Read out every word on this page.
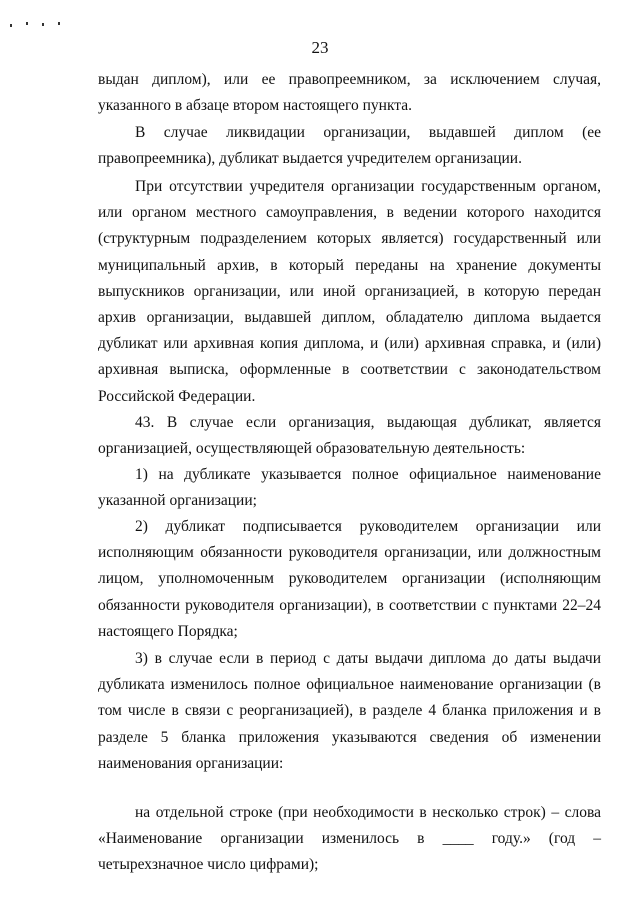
23

выдан диплом), или ее правопреемником, за исключением случая, указанного в абзаце втором настоящего пункта.

В случае ликвидации организации, выдавшей диплом (ее правопреемника), дубликат выдается учредителем организации.

При отсутствии учредителя организации государственным органом, или органом местного самоуправления, в ведении которого находится (структурным подразделением которых является) государственный или муниципальный архив, в который переданы на хранение документы выпускников организации, или иной организацией, в которую передан архив организации, выдавшей диплом, обладателю диплома выдается дубликат или архивная копия диплома, и (или) архивная справка, и (или) архивная выписка, оформленные в соответствии с законодательством Российской Федерации.

43. В случае если организация, выдающая дубликат, является организацией, осуществляющей образовательную деятельность:

1) на дубликате указывается полное официальное наименование указанной организации;

2) дубликат подписывается руководителем организации или исполняющим обязанности руководителя организации, или должностным лицом, уполномоченным руководителем организации (исполняющим обязанности руководителя организации), в соответствии с пунктами 22–24 настоящего Порядка;

3) в случае если в период с даты выдачи диплома до даты выдачи дубликата изменилось полное официальное наименование организации (в том числе в связи с реорганизацией), в разделе 4 бланка приложения и в разделе 5 бланка приложения указываются сведения об изменении наименования организации:

на отдельной строке (при необходимости в несколько строк) – слова «Наименование организации изменилось в ____ году.» (год – четырехзначное число цифрами);
